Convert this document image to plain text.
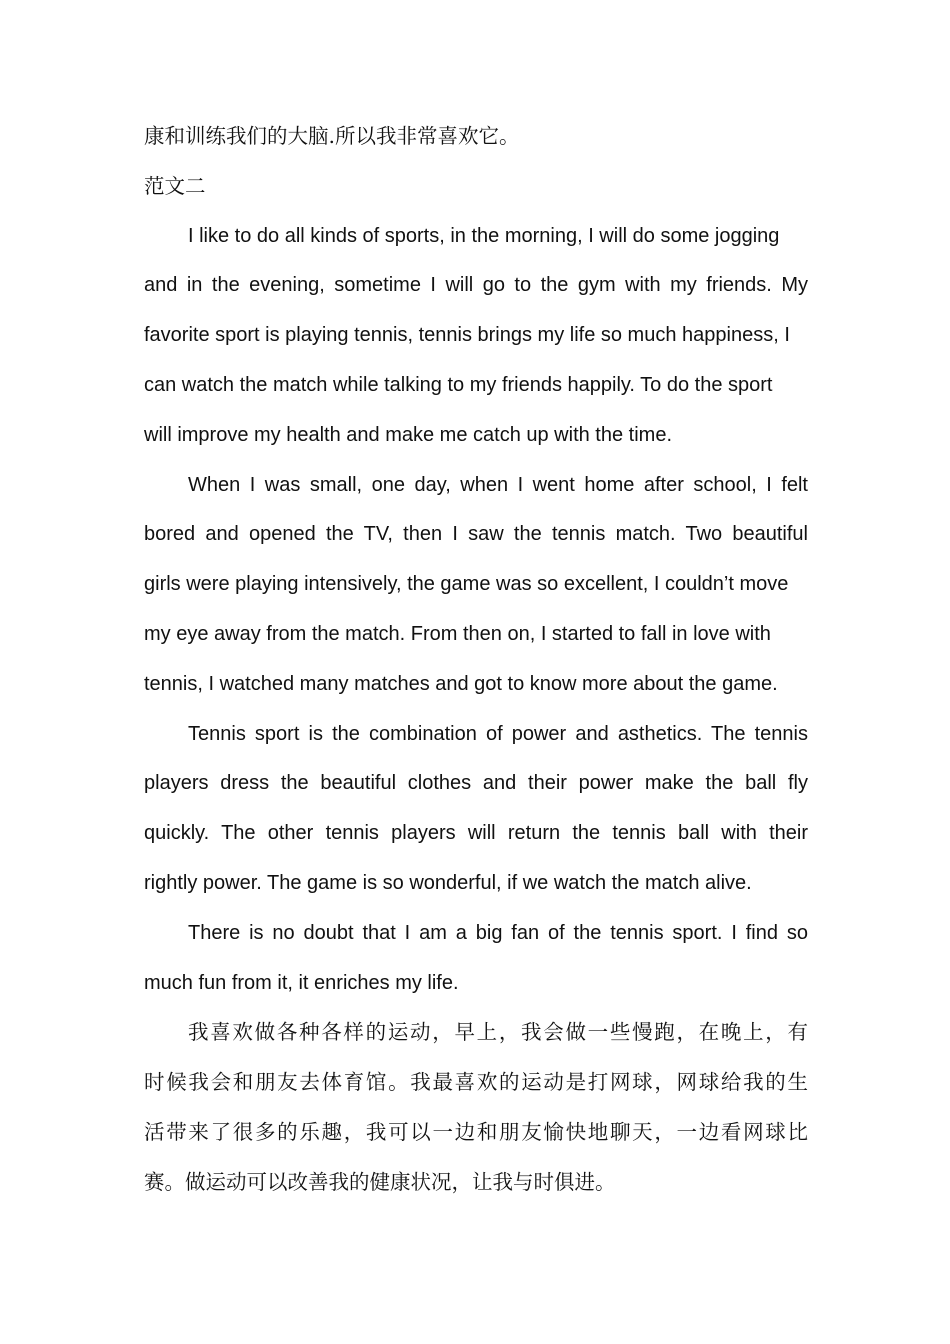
康和训练我们的大脑.所以我非常喜欢它。

范文二

I like to do all kinds of sports, in the morning, I will do some jogging

and in the evening, sometime I will go to the gym with my friends. My

favorite sport is playing tennis, tennis brings my life so much happiness, I

can watch the match while talking to my friends happily. To do the sport

will improve my health and make me catch up with the time.

When I was small, one day, when I went home after school, I felt

bored and opened the TV, then I saw the tennis match. Two beautiful

girls were playing intensively, the game was so excellent, I couldn’t move

my eye away from the match. From then on, I started to fall in love with

tennis, I watched many matches and got to know more about the game.

Tennis sport is the combination of power and asthetics. The tennis

players dress the beautiful clothes and their power make the ball fly

quickly. The other tennis players will return the tennis ball with their

rightly power. The game is so wonderful, if we watch the match alive.

There is no doubt that I am a big fan of the tennis sport. I find so

much fun from it, it enriches my life.

我喜欢做各种各样的运动，早上，我会做一些慢跑，在晚上，有

时候我会和朋友去体育馆。我最喜欢的运动是打网球，网球给我的生

活带来了很多的乐趣，我可以一边和朋友愉快地聊天，一边看网球比

赛。做运动可以改善我的健康状况，让我与时俱进。
